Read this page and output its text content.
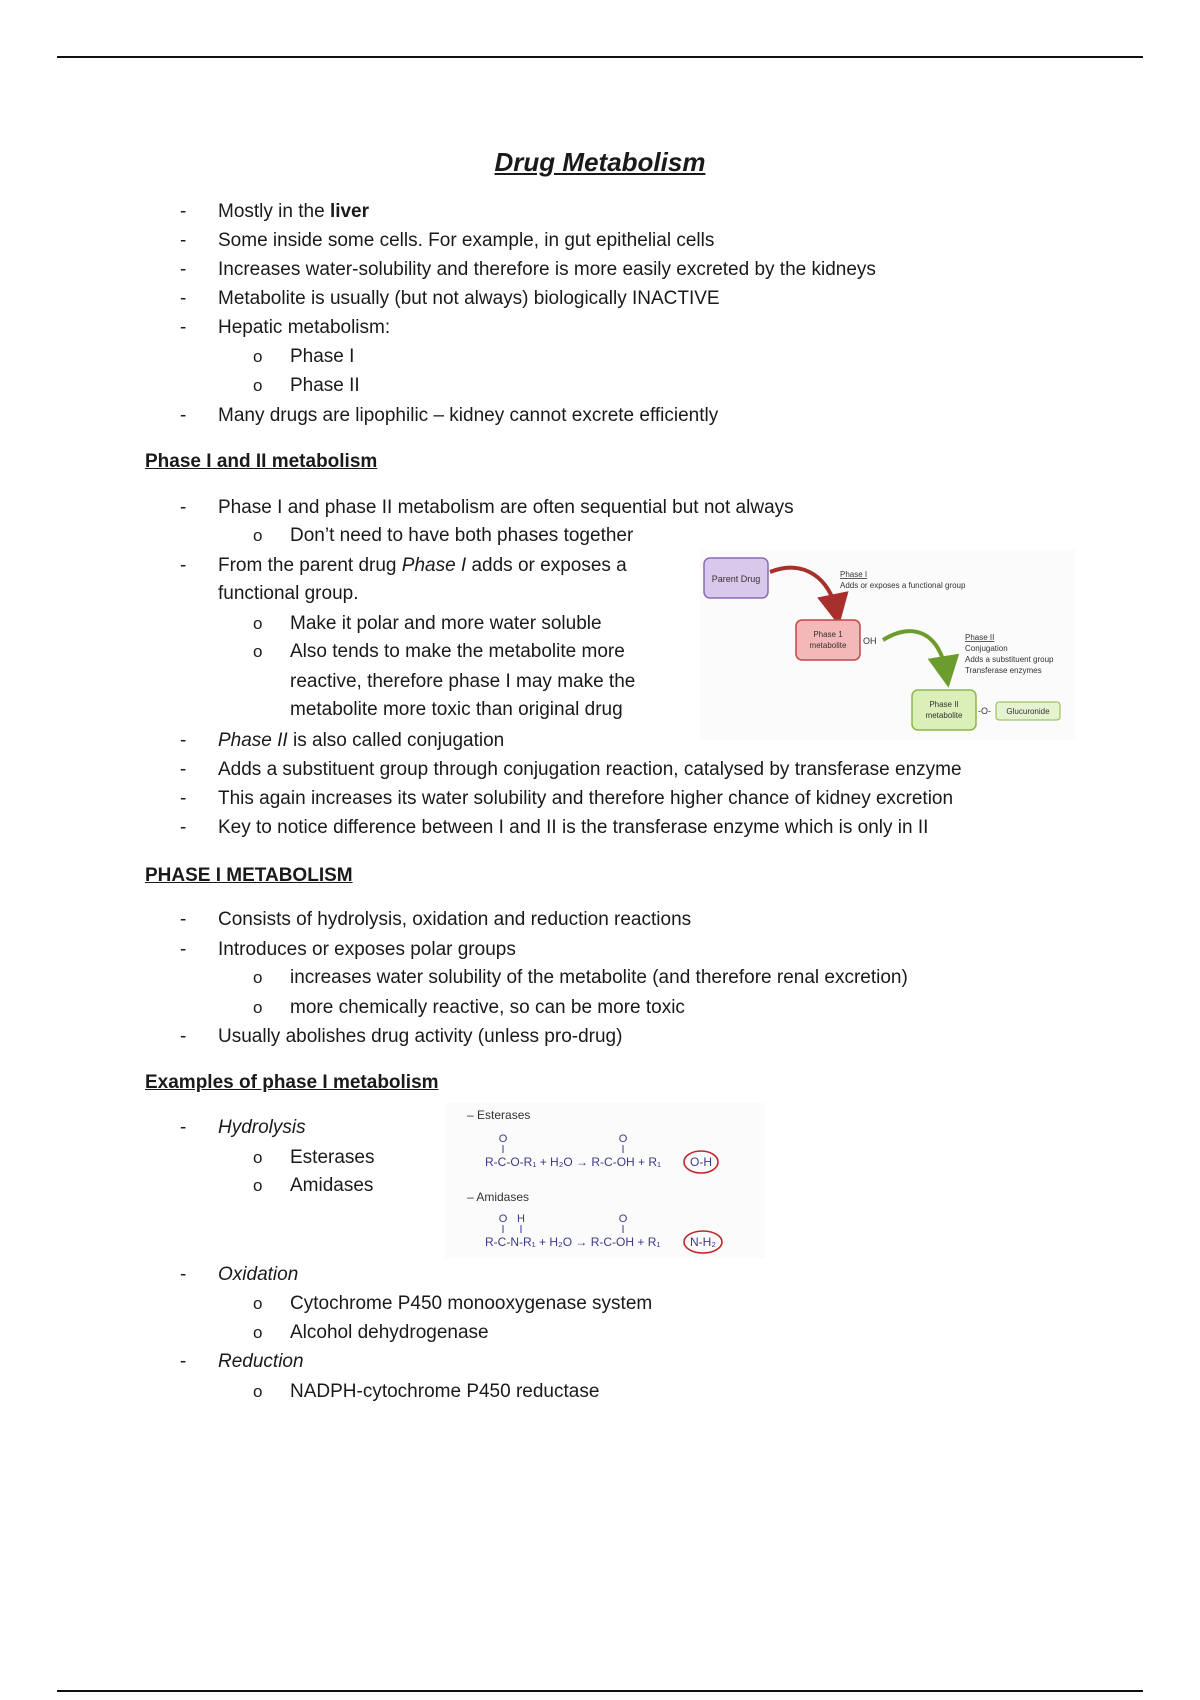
Drug Metabolism
- Mostly in the liver
- Some inside some cells. For example, in gut epithelial cells
- Increases water-solubility and therefore is more easily excreted by the kidneys
- Metabolite is usually (but not always) biologically INACTIVE
- Hepatic metabolism:
o Phase I
o Phase II
- Many drugs are lipophilic – kidney cannot excrete efficiently
Phase I and II metabolism
- Phase I and phase II metabolism are often sequential but not always
o Don’t need to have both phases together
- From the parent drug Phase I adds or exposes a
functional group.
o Make it polar and more water soluble
o Also tends to make the metabolite more
reactive, therefore phase I may make the
metabolite more toxic than original drug
- Phase II is also called conjugation
- Adds a substituent group through conjugation reaction, catalysed by transferase enzyme
- This again increases its water solubility and therefore higher chance of kidney excretion
- Key to notice difference between I and II is the transferase enzyme which is only in II
Parent Drug	Phase I
Adds or exposes a functional group
Phase 1
metabolite OH	Phase II
Conjugation
Adds a substituent group
Transferase enzymes
Phase II
metabolite -O- Glucuronide
PHASE I METABOLISM
- Consists of hydrolysis, oxidation and reduction reactions
- Introduces or exposes polar groups
o increases water solubility of the metabolite (and therefore renal excretion)
o more chemically reactive, so can be more toxic
- Usually abolishes drug activity (unless pro-drug)
Examples of phase I metabolism
- Hydrolysis
o Esterases
o Amidases
– Esterases
O	O
R-C-O-R₁ + H₂O → R-C-OH + R₁ O-H
– Amidases
O H	O
R-C-N-R₁ + H₂O → R-C-OH + R₁ N-H₂
- Oxidation
o Cytochrome P450 monooxygenase system
o Alcohol dehydrogenase
- Reduction
o NADPH-cytochrome P450 reductase
